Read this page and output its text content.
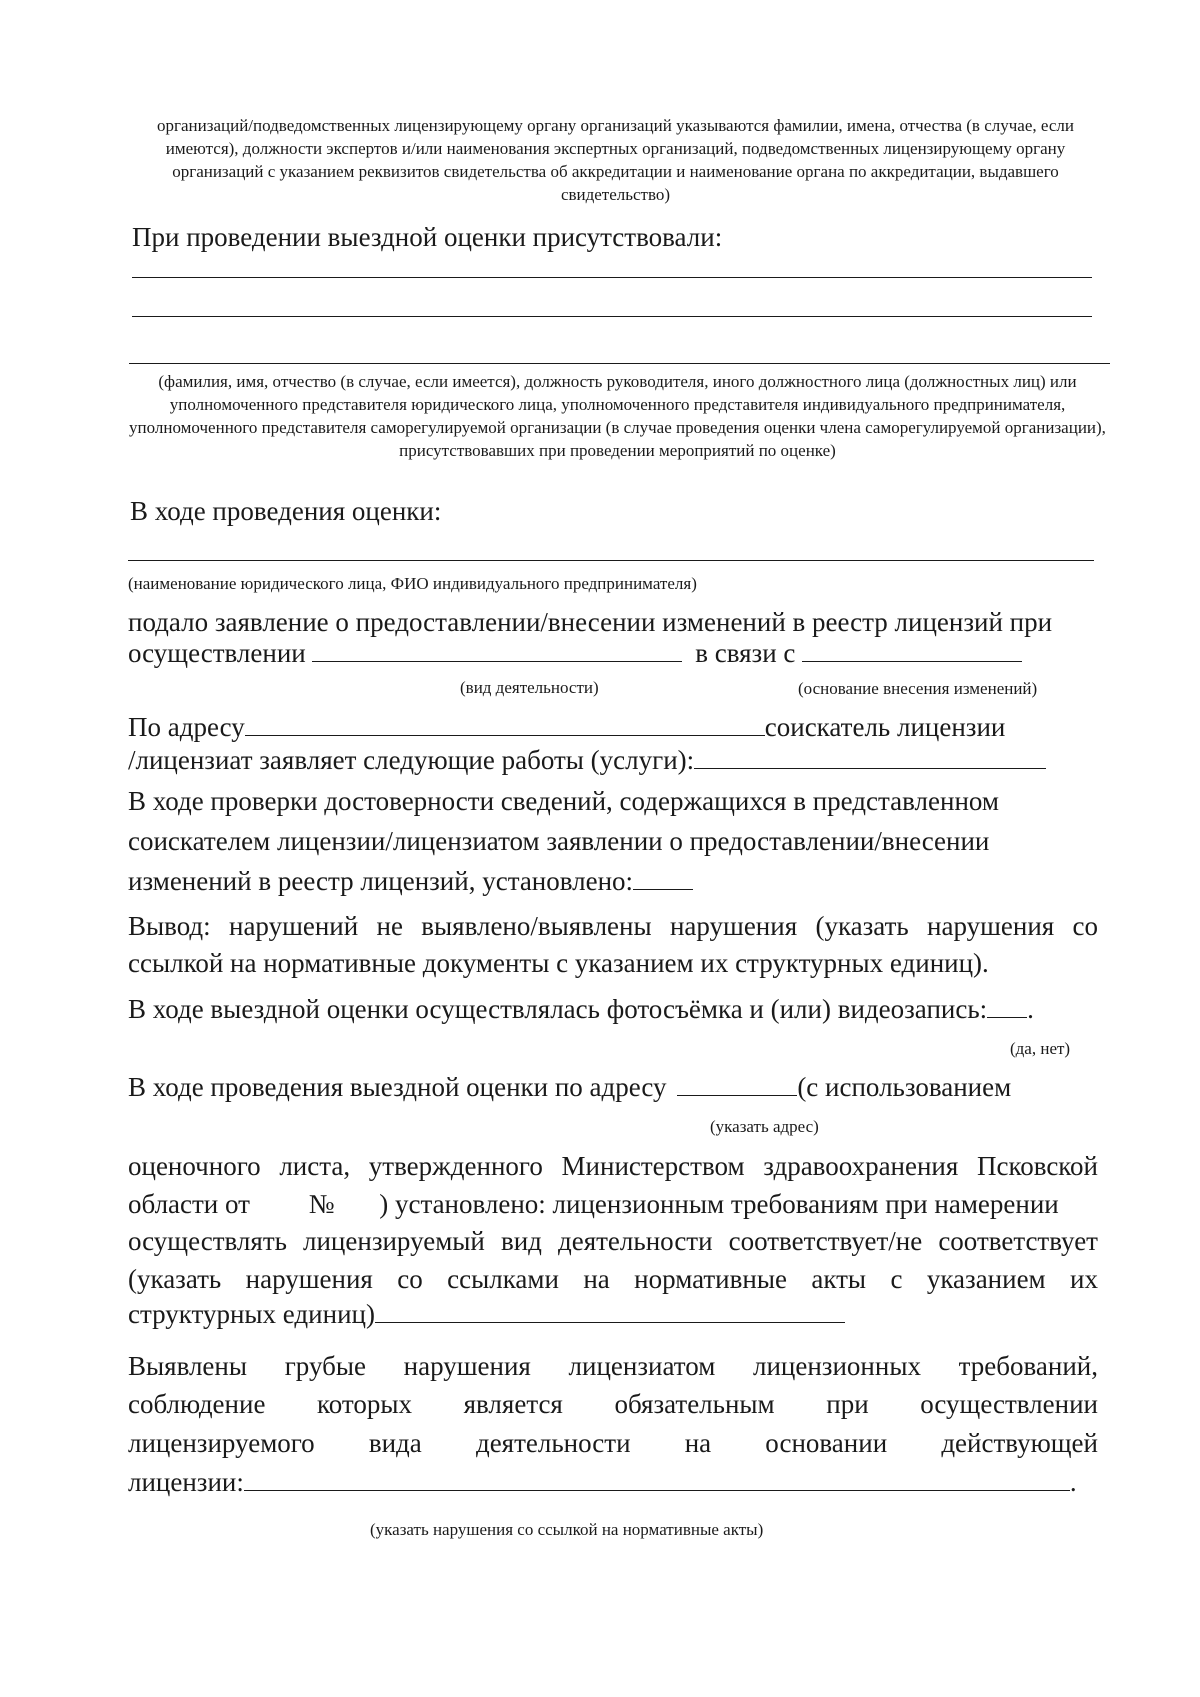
организаций/подведомственных лицензирующему органу организаций указываются фамилии, имена, отчества (в случае, если имеются), должности экспертов и/или наименования экспертных организаций, подведомственных лицензирующему органу организаций с указанием реквизитов свидетельства об аккредитации и наименование органа по аккредитации, выдавшего свидетельство)
При проведении выездной оценки присутствовали:
(фамилия, имя, отчество (в случае, если имеется), должность руководителя, иного должностного лица (должностных лиц) или уполномоченного представителя юридического лица, уполномоченного представителя индивидуального предпринимателя, уполномоченного представителя саморегулируемой организации (в случае проведения оценки члена саморегулируемой организации), присутствовавших при проведении мероприятий по оценке)
В ходе проведения оценки:
(наименование юридического лица, ФИО индивидуального предпринимателя)
подало заявление о предоставлении/внесении изменений в реестр лицензий при
осуществлении	в связи с
(вид деятельности)	(основание внесения изменений)
По адресу	соискатель лицензии
/лицензиат заявляет следующие работы (услуги):
В ходе проверки достоверности сведений, содержащихся в представленном
соискателем лицензии/лицензиатом заявлении о предоставлении/внесении
изменений в реестр лицензий, установлено:
Вывод: нарушений не выявлено/выявлены нарушения (указать нарушения со
ссылкой на нормативные документы с указанием их структурных единиц).
В ходе выездной оценки осуществлялась фотосъёмка и (или) видеозапись: .
(да, нет)
В ходе проведения выездной оценки по адресу	(с использованием
(указать адрес)
оценочного листа, утвержденного Министерством здравоохранения Псковской
области от № ) установлено: лицензионным требованиям при намерении
осуществлять лицензируемый вид деятельности соответствует/не соответствует
(указать нарушения со ссылками на нормативные акты с указанием их
структурных единиц)
Выявлены грубые нарушения лицензиатом лицензионных требований,
соблюдение которых является обязательным при осуществлении
лицензируемого вида деятельности на основании действующей
лицензии:	.
(указать нарушения со ссылкой на нормативные акты)
